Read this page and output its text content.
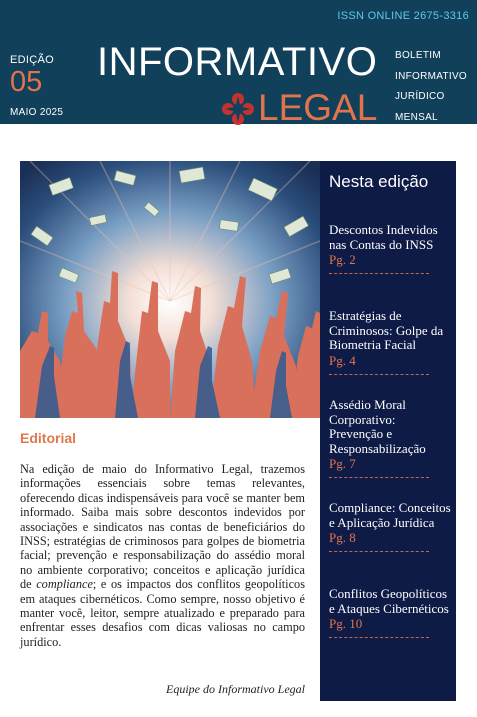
ISSN ONLINE 2675-3316
EDIÇÃO
05
MAIO 2025
INFORMATIVO
LEGAL
BOLETIM
INFORMATIVO
JURÍDICO
MENSAL
Nesta edição
Descontos Indevidos nas Contas do INSS
Pg. 2
Estratégias de Criminosos: Golpe da Biometria Facial
Pg. 4
Assédio Moral Corporativo: Prevenção e Responsabilização
Pg. 7
Compliance: Conceitos e Aplicação Jurídica
Pg. 8
Conflitos Geopolíticos e Ataques Cibernéticos
Pg. 10
Editorial
Na edição de maio do Informativo Legal, trazemos informações essenciais sobre temas relevantes, oferecendo dicas indispensáveis para você se manter bem informado. Saiba mais sobre descontos indevidos por associações e sindicatos nas contas de beneficiários do INSS; estratégias de criminosos para golpes de biometria facial; prevenção e responsabilização do assédio moral no ambiente corporativo; conceitos e aplicação jurídica de compliance; e os impactos dos conflitos geopolíticos em ataques cibernéticos. Como sempre, nosso objetivo é manter você, leitor, sempre atualizado e preparado para enfrentar esses desafios com dicas valiosas no campo jurídico.
Equipe do Informativo Legal
